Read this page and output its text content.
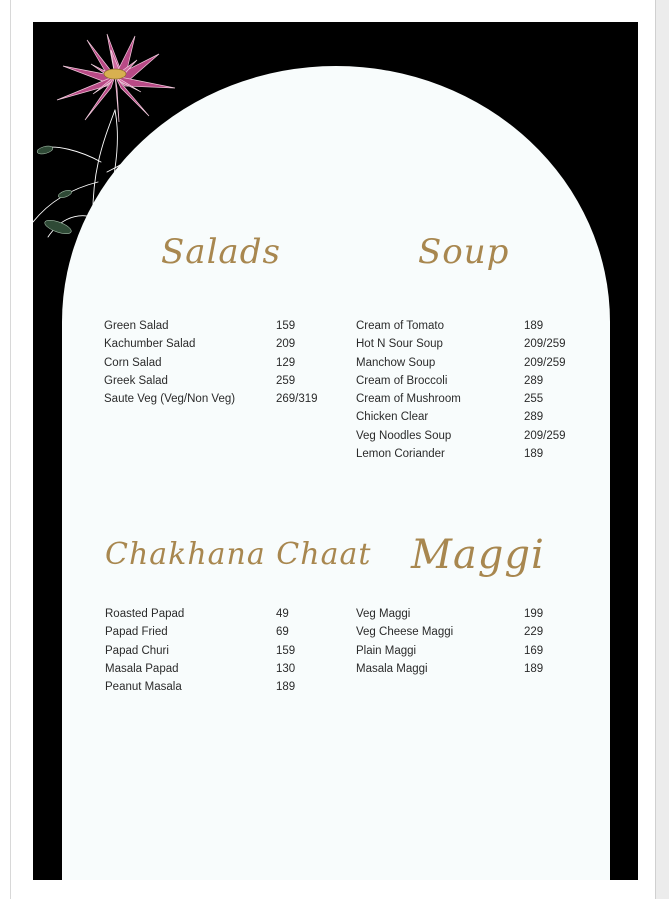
Salads
Green Salad	159
Kachumber Salad	209
Corn Salad	129
Greek Salad	259
Saute Veg (Veg/Non Veg)	269/319
Soup
Cream of Tomato	189
Hot N Sour Soup	209/259
Manchow Soup	209/259
Cream of Broccoli	289
Cream of Mushroom	255
Chicken Clear	289
Veg Noodles Soup	209/259
Lemon Coriander	189
Chakhana Chaat
Roasted Papad	49
Papad Fried	69
Papad Churi	159
Masala Papad	130
Peanut Masala	189
Maggi
Veg Maggi	199
Veg Cheese Maggi	229
Plain Maggi	169
Masala Maggi	189
